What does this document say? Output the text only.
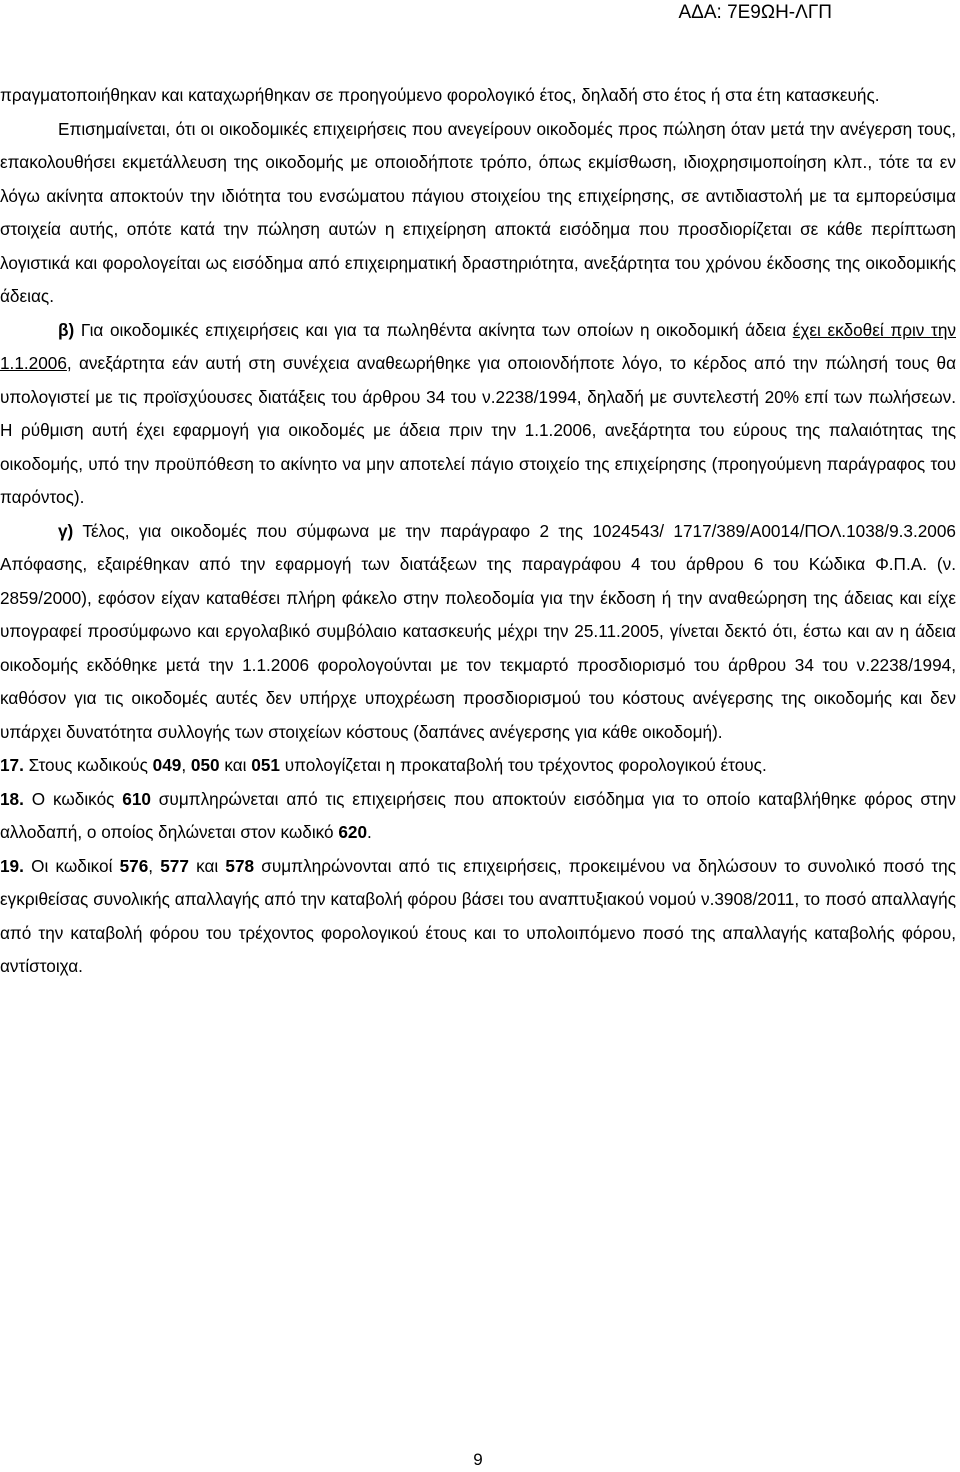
ΑΔΑ: 7Ε9ΩΗ-ΛΓΠ

πραγματοποιήθηκαν και καταχωρήθηκαν σε προηγούμενο φορολογικό έτος, δηλαδή στο έτος ή στα έτη κατασκευής.

Επισημαίνεται, ότι οι οικοδομικές επιχειρήσεις που ανεγείρουν οικοδομές προς πώληση όταν μετά την ανέγερση τους, επακολουθήσει εκμετάλλευση της οικοδομής με οποιοδήποτε τρόπο, όπως εκμίσθωση, ιδιοχρησιμοποίηση κλπ., τότε τα εν λόγω ακίνητα αποκτούν την ιδιότητα του ενσώματου πάγιου στοιχείου της επιχείρησης, σε αντιδιαστολή με τα εμπορεύσιμα στοιχεία αυτής, οπότε κατά την πώληση αυτών η επιχείρηση αποκτά εισόδημα που προσδιορίζεται σε κάθε περίπτωση λογιστικά και φορολογείται ως εισόδημα από επιχειρηματική δραστηριότητα, ανεξάρτητα του χρόνου έκδοσης της οικοδομικής άδειας.

β) Για οικοδομικές επιχειρήσεις και για τα πωληθέντα ακίνητα των οποίων η οικοδομική άδεια έχει εκδοθεί πριν την 1.1.2006, ανεξάρτητα εάν αυτή στη συνέχεια αναθεωρήθηκε για οποιονδήποτε λόγο, το κέρδος από την πώλησή τους θα υπολογιστεί με τις προϊσχύουσες διατάξεις του άρθρου 34 του ν.2238/1994, δηλαδή με συντελεστή 20% επί των πωλήσεων. Η ρύθμιση αυτή έχει εφαρμογή για οικοδομές με άδεια πριν την 1.1.2006, ανεξάρτητα του εύρους της παλαιότητας της οικοδομής, υπό την προϋπόθεση το ακίνητο να μην αποτελεί πάγιο στοιχείο της επιχείρησης (προηγούμενη παράγραφος του παρόντος).

γ) Τέλος, για οικοδομές που σύμφωνα με την παράγραφο 2 της 1024543/ 1717/389/Α0014/ΠΟΛ.1038/9.3.2006 Απόφασης, εξαιρέθηκαν από την εφαρμογή των διατάξεων της παραγράφου 4 του άρθρου 6 του Κώδικα Φ.Π.Α. (ν. 2859/2000), εφόσον είχαν καταθέσει πλήρη φάκελο στην πολεοδομία για την έκδοση ή την αναθεώρηση της άδειας και είχε υπογραφεί προσύμφωνο και εργολαβικό συμβόλαιο κατασκευής μέχρι την 25.11.2005, γίνεται δεκτό ότι, έστω και αν η άδεια οικοδομής εκδόθηκε μετά την 1.1.2006 φορολογούνται με τον τεκμαρτό προσδιορισμό του άρθρου 34 του ν.2238/1994, καθόσον για τις οικοδομές αυτές δεν υπήρχε υποχρέωση προσδιορισμού του κόστους ανέγερσης της οικοδομής και δεν υπάρχει δυνατότητα συλλογής των στοιχείων κόστους (δαπάνες ανέγερσης για κάθε οικοδομή).

17. Στους κωδικούς 049, 050 και 051 υπολογίζεται η προκαταβολή του τρέχοντος φορολογικού έτους.

18. Ο κωδικός 610 συμπληρώνεται από τις επιχειρήσεις που αποκτούν εισόδημα για το οποίο καταβλήθηκε φόρος στην αλλοδαπή, ο οποίος δηλώνεται στον κωδικό 620.

19. Οι κωδικοί 576, 577 και 578 συμπληρώνονται από τις επιχειρήσεις, προκειμένου να δηλώσουν το συνολικό ποσό της εγκριθείσας συνολικής απαλλαγής από την καταβολή φόρου βάσει του αναπτυξιακού νομού ν.3908/2011, το ποσό απαλλαγής από την καταβολή φόρου του τρέχοντος φορολογικού έτους και το υπολοιπόμενο ποσό της απαλλαγής καταβολής φόρου, αντίστοιχα.

9
